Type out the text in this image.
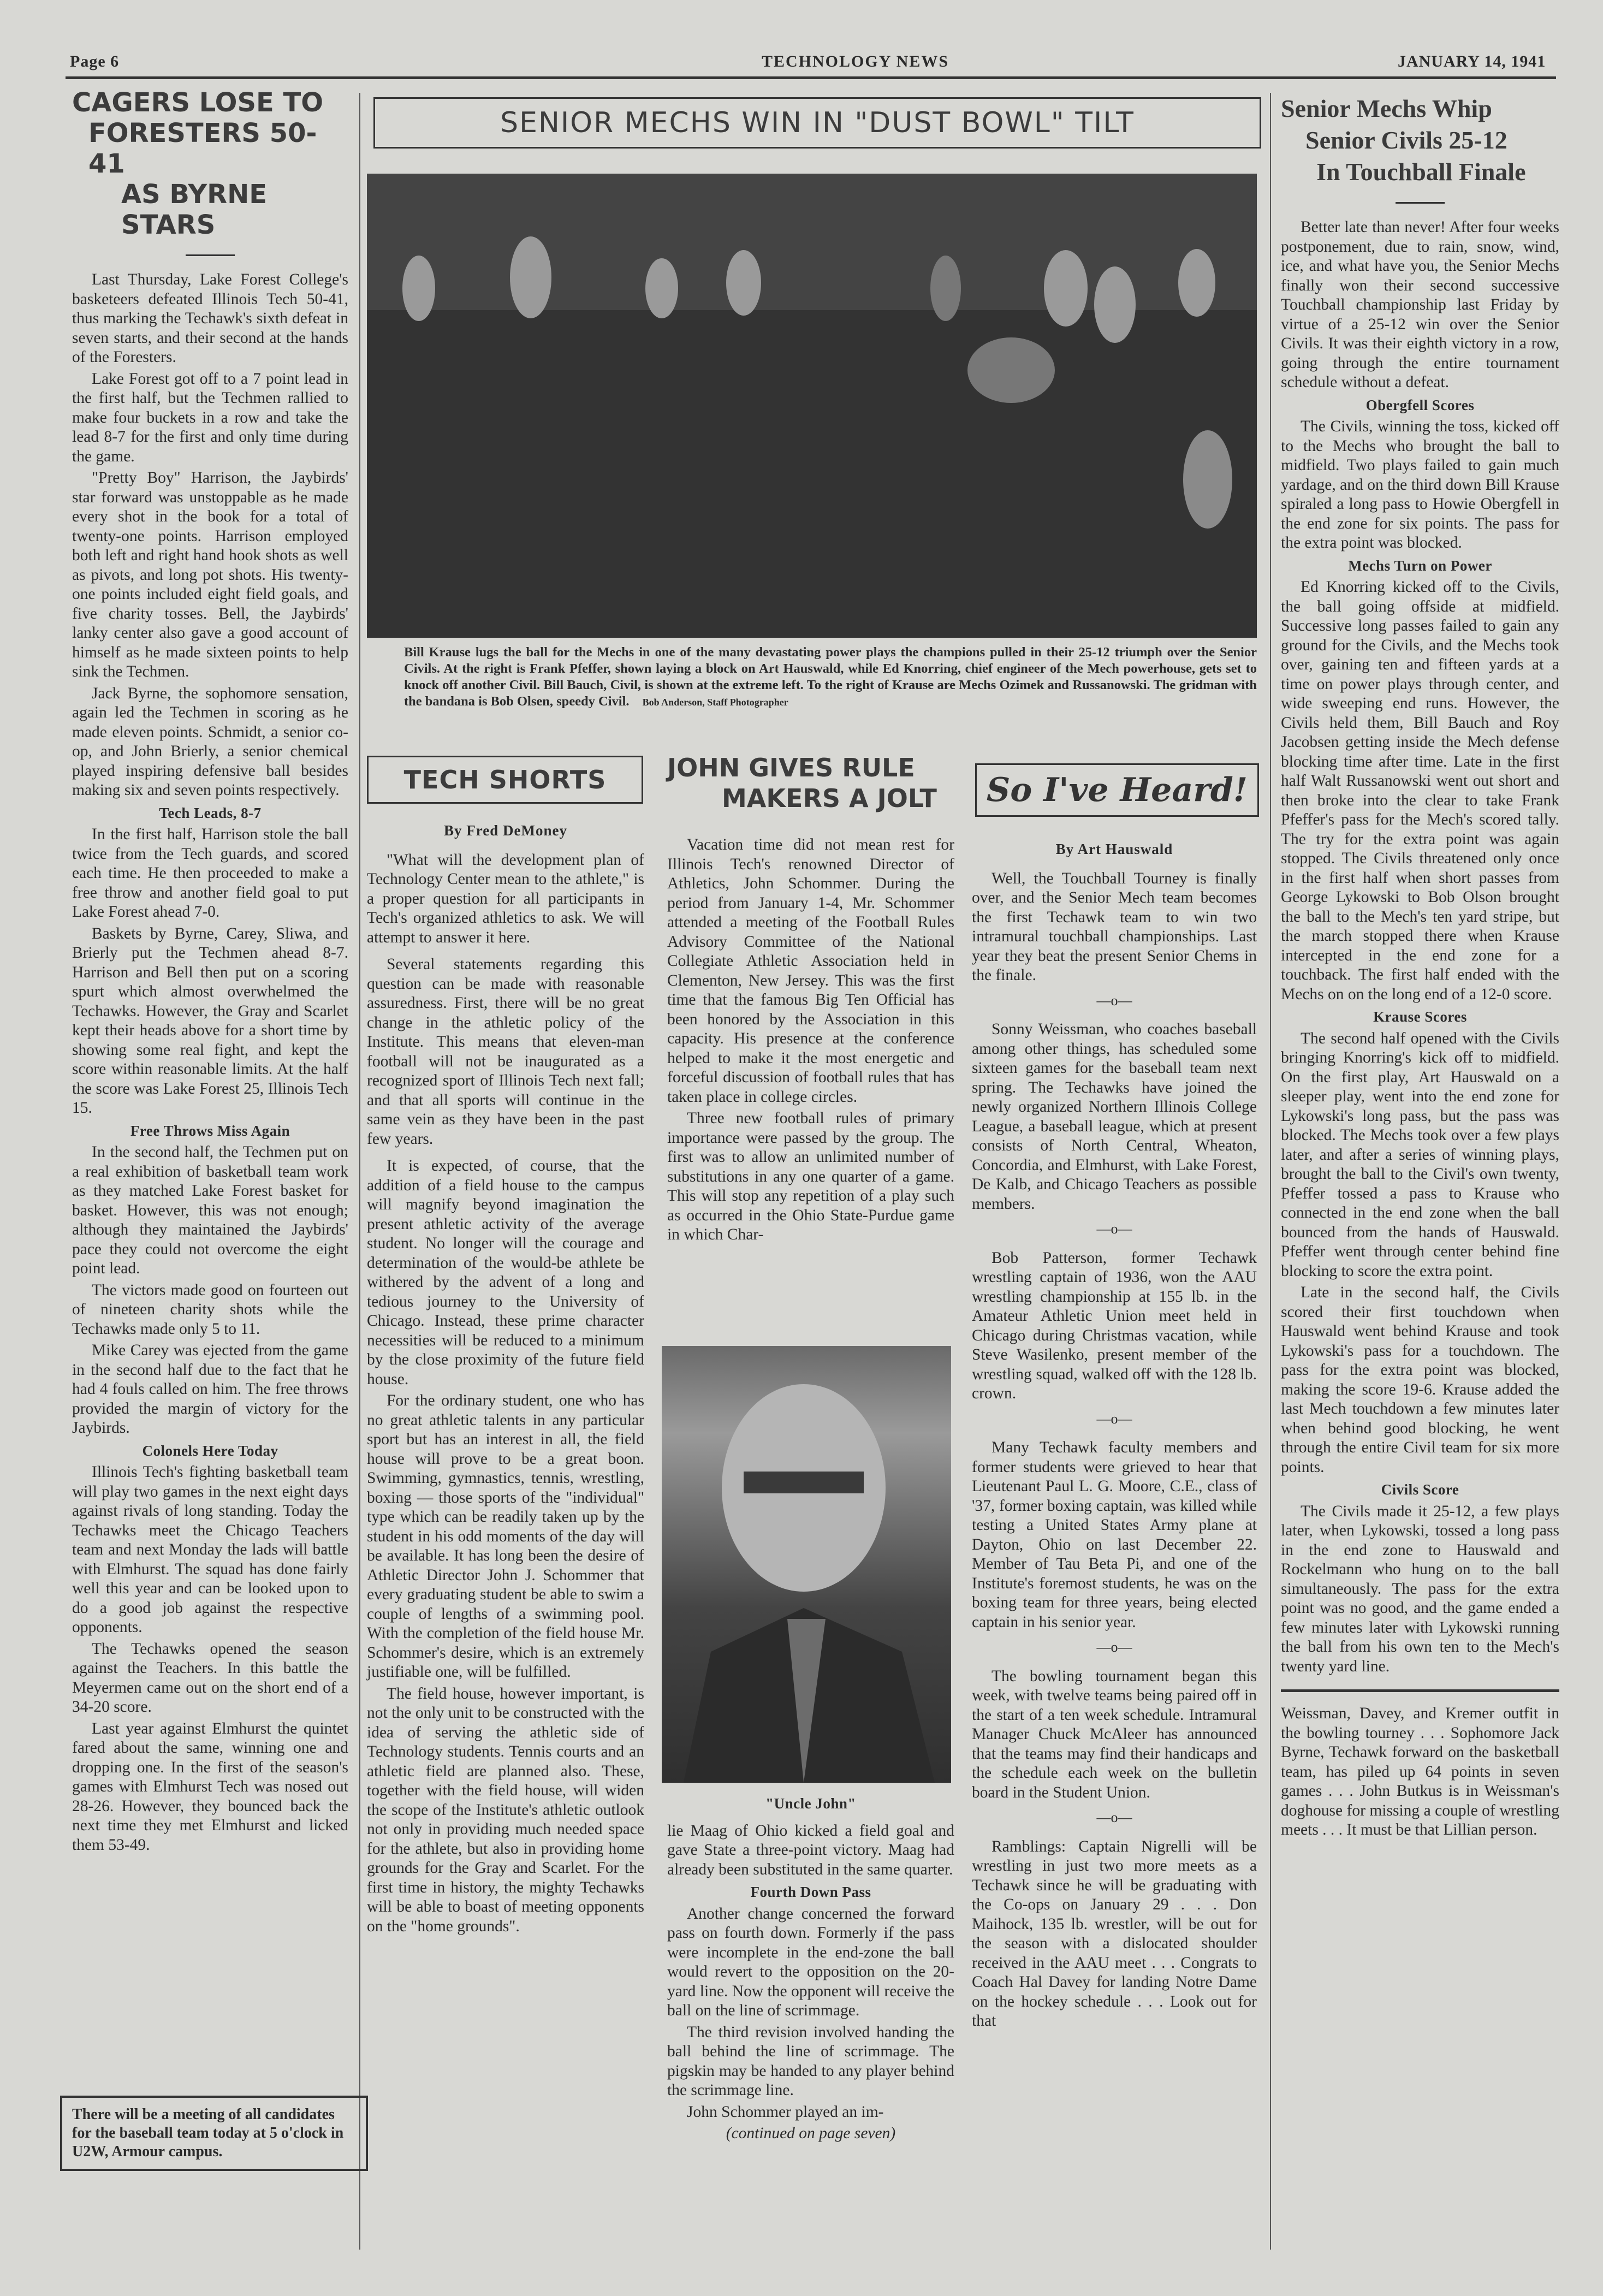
Page 6	TECHNOLOGY NEWS	JANUARY 14, 1941
CAGERS LOSE TO
FORESTERS 50-41
AS BYRNE STARS

Last Thursday, Lake Forest College's basketeers defeated Illinois Tech 50-41, thus marking the Techawk's sixth defeat in seven starts, and their second at the hands of the Foresters.

Lake Forest got off to a 7 point lead in the first half, but the Techmen rallied to make four buckets in a row and take the lead 8-7 for the first and only time during the game.

"Pretty Boy" Harrison, the Jaybirds' star forward was unstoppable as he made every shot in the book for a total of twenty-one points. Harrison employed both left and right hand hook shots as well as pivots, and long pot shots. His twenty-one points included eight field goals, and five charity tosses. Bell, the Jaybirds' lanky center also gave a good account of himself as he made sixteen points to help sink the Techmen.

Jack Byrne, the sophomore sensation, again led the Techmen in scoring as he made eleven points. Schmidt, a senior co-op, and John Brierly, a senior chemical played inspiring defensive ball besides making six and seven points respectively.

Tech Leads, 8-7

In the first half, Harrison stole the ball twice from the Tech guards, and scored each time. He then proceeded to make a free throw and another field goal to put Lake Forest ahead 7-0.

Baskets by Byrne, Carey, Sliwa, and Brierly put the Techmen ahead 8-7. Harrison and Bell then put on a scoring spurt which almost overwhelmed the Techawks. However, the Gray and Scarlet kept their heads above for a short time by showing some real fight, and kept the score within reasonable limits. At the half the score was Lake Forest 25, Illinois Tech 15.

Free Throws Miss Again

In the second half, the Techmen put on a real exhibition of basketball team work as they matched Lake Forest basket for basket. However, this was not enough; although they maintained the Jaybirds' pace they could not overcome the eight point lead.

The victors made good on fourteen out of nineteen charity shots while the Techawks made only 5 to 11.

Mike Carey was ejected from the game in the second half due to the fact that he had 4 fouls called on him. The free throws provided the margin of victory for the Jaybirds.

Colonels Here Today

Illinois Tech's fighting basketball team will play two games in the next eight days against rivals of long standing. Today the Techawks meet the Chicago Teachers team and next Monday the lads will battle with Elmhurst. The squad has done fairly well this year and can be looked upon to do a good job against the respective opponents.

The Techawks opened the season against the Teachers. In this battle the Meyermen came out on the short end of a 34-20 score.

Last year against Elmhurst the quintet fared about the same, winning one and dropping one. In the first of the season's games with Elmhurst Tech was nosed out 28-26. However, they bounced back the next time they met Elmhurst and licked them 53-49.

There will be a meeting of all candidates for the baseball team today at 5 o'clock in U2W, Armour campus.
SENIOR MECHS WIN IN "DUST BOWL" TILT
Bill Krause lugs the ball for the Mechs in one of the many devastating power plays the champions pulled in their 25-12 triumph over the Senior Civils. At the right is Frank Pfeffer, shown laying a block on Art Hauswald, while Ed Knorring, chief engineer of the Mech powerhouse, gets set to knock off another Civil. Bill Bauch, Civil, is shown at the extreme left. To the right of Krause are Mechs Ozimek and Russanowski. The gridman with the bandana is Bob Olsen, speedy Civil. Bob Anderson, Staff Photographer
TECH SHORTS
By Fred DeMoney

"What will the development plan of Technology Center mean to the athlete," is a proper question for all participants in Tech's organized athletics to ask. We will attempt to answer it here.

Several statements regarding this question can be made with reasonable assuredness. First, there will be no great change in the athletic policy of the Institute. This means that eleven-man football will not be inaugurated as a recognized sport of Illinois Tech next fall; and that all sports will continue in the same vein as they have been in the past few years.

It is expected, of course, that the addition of a field house to the campus will magnify beyond imagination the present athletic activity of the average student. No longer will the courage and determination of the would-be athlete be withered by the advent of a long and tedious journey to the University of Chicago. Instead, these prime character necessities will be reduced to a minimum by the close proximity of the future field house.

For the ordinary student, one who has no great athletic talents in any particular sport but has an interest in all, the field house will prove to be a great boon. Swimming, gymnastics, tennis, wrestling, boxing — those sports of the "individual" type which can be readily taken up by the student in his odd moments of the day will be available. It has long been the desire of Athletic Director John J. Schommer that every graduating student be able to swim a couple of lengths of a swimming pool. With the completion of the field house Mr. Schommer's desire, which is an extremely justifiable one, will be fulfilled.

The field house, however important, is not the only unit to be constructed with the idea of serving the athletic side of Technology students. Tennis courts and an athletic field are planned also. These, together with the field house, will widen the scope of the Institute's athletic outlook not only in providing much needed space for the athlete, but also in providing home grounds for the Gray and Scarlet. For the first time in history, the mighty Techawks will be able to boast of meeting opponents on the "home grounds".

JOHN GIVES RULE
MAKERS A JOLT

Vacation time did not mean rest for Illinois Tech's renowned Director of Athletics, John Schommer. During the period from January 1-4, Mr. Schommer attended a meeting of the Football Rules Advisory Committee of the National Collegiate Athletic Association held in Clementon, New Jersey. This was the first time that the famous Big Ten Official has been honored by the Association in this capacity. His presence at the conference helped to make it the most energetic and forceful discussion of football rules that has taken place in college circles.

Three new football rules of primary importance were passed by the group. The first was to allow an unlimited number of substitutions in any one quarter of a game. This will stop any repetition of a play such as occurred in the Ohio State-Purdue game in which Char-

"Uncle John"

lie Maag of Ohio kicked a field goal and gave State a three-point victory. Maag had already been substituted in the same quarter.

Fourth Down Pass

Another change concerned the forward pass on fourth down. Formerly if the pass were incomplete in the end-zone the ball would revert to the opposition on the 20-yard line. Now the opponent will receive the ball on the line of scrimmage.

The third revision involved handing the ball behind the line of scrimmage. The pigskin may be handed to any player behind the scrimmage line.

John Schommer played an im-

(continued on page seven)
So I've Heard!
By Art Hauswald

Well, the Touchball Tourney is finally over, and the Senior Mech team becomes the first Techawk team to win two intramural touchball championships. Last year they beat the present Senior Chems in the finale.

—o—

Sonny Weissman, who coaches baseball among other things, has scheduled some sixteen games for the baseball team next spring. The Techawks have joined the newly organized Northern Illinois College League, a baseball league, which at present consists of North Central, Wheaton, Concordia, and Elmhurst, with Lake Forest, De Kalb, and Chicago Teachers as possible members.

—o—

Bob Patterson, former Techawk wrestling captain of 1936, won the AAU wrestling championship at 155 lb. in the Amateur Athletic Union meet held in Chicago during Christmas vacation, while Steve Wasilenko, present member of the wrestling squad, walked off with the 128 lb. crown.

—o—

Many Techawk faculty members and former students were grieved to hear that Lieutenant Paul L. G. Moore, C.E., class of '37, former boxing captain, was killed while testing a United States Army plane at Dayton, Ohio on last December 22. Member of Tau Beta Pi, and one of the Institute's foremost students, he was on the boxing team for three years, being elected captain in his senior year.

—o—

The bowling tournament began this week, with twelve teams being paired off in the start of a ten week schedule. Intramural Manager Chuck McAleer has announced that the teams may find their handicaps and the schedule each week on the bulletin board in the Student Union.

—o—

Ramblings: Captain Nigrelli will be wrestling in just two more meets as a Techawk since he will be graduating with the Co-ops on January 29 . . . Don Maihock, 135 lb. wrestler, will be out for the season with a dislocated shoulder received in the AAU meet . . . Congrats to Coach Hal Davey for landing Notre Dame on the hockey schedule . . . Look out for that

Senior Mechs Whip
Senior Civils 25-12
In Touchball Finale

Better late than never! After four weeks postponement, due to rain, snow, wind, ice, and what have you, the Senior Mechs finally won their second successive Touchball championship last Friday by virtue of a 25-12 win over the Senior Civils. It was their eighth victory in a row, going through the entire tournament schedule without a defeat.

Obergfell Scores

The Civils, winning the toss, kicked off to the Mechs who brought the ball to midfield. Two plays failed to gain much yardage, and on the third down Bill Krause spiraled a long pass to Howie Obergfell in the end zone for six points. The pass for the extra point was blocked.

Mechs Turn on Power

Ed Knorring kicked off to the Civils, the ball going offside at midfield. Successive long passes failed to gain any ground for the Civils, and the Mechs took over, gaining ten and fifteen yards at a time on power plays through center, and wide sweeping end runs. However, the Civils held them, Bill Bauch and Roy Jacobsen getting inside the Mech defense blocking time after time. Late in the first half Walt Russanowski went out short and then broke into the clear to take Frank Pfeffer's pass for the Mech's scored tally. The try for the extra point was again stopped. The Civils threatened only once in the first half when short passes from George Lykowski to Bob Olson brought the ball to the Mech's ten yard stripe, but the march stopped there when Krause intercepted in the end zone for a touchback. The first half ended with the Mechs on on the long end of a 12-0 score.

Krause Scores

The second half opened with the Civils bringing Knorring's kick off to midfield. On the first play, Art Hauswald on a sleeper play, went into the end zone for Lykowski's long pass, but the pass was blocked. The Mechs took over a few plays later, and after a series of winning plays, brought the ball to the Civil's own twenty, Pfeffer tossed a pass to Krause who connected in the end zone when the ball bounced from the hands of Hauswald. Pfeffer went through center behind fine blocking to score the extra point.

Late in the second half, the Civils scored their first touchdown when Hauswald went behind Krause and took Lykowski's pass for a touchdown. The pass for the extra point was blocked, making the score 19-6. Krause added the last Mech touchdown a few minutes later when behind good blocking, he went through the entire Civil team for six more points.

Civils Score

The Civils made it 25-12, a few plays later, when Lykowski, tossed a long pass in the end zone to Hauswald and Rockelmann who hung on to the ball simultaneously. The pass for the extra point was no good, and the game ended a few minutes later with Lykowski running the ball from his own ten to the Mech's twenty yard line.

Weissman, Davey, and Kremer outfit in the bowling tourney . . . Sophomore Jack Byrne, Techawk forward on the basketball team, has piled up 64 points in seven games . . . John Butkus is in Weissman's doghouse for missing a couple of wrestling meets . . . It must be that Lillian person.
